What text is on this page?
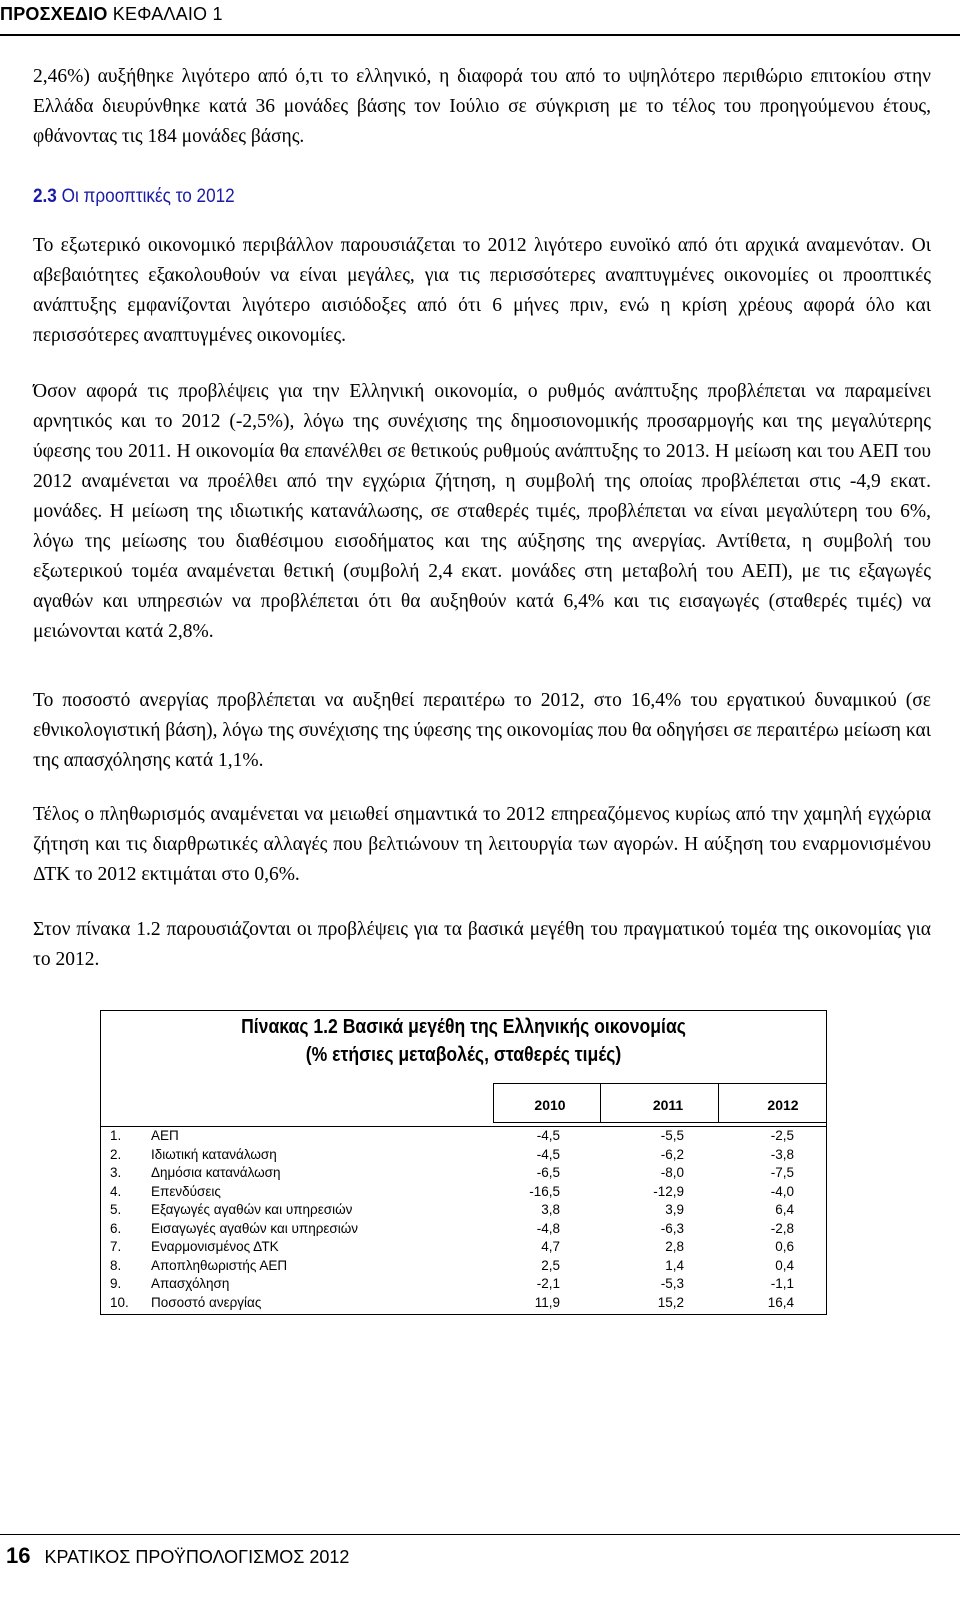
ΠΡΟΣΧΕΔΙΟ ΚΕΦΑΛΑΙΟ 1

2,46%) αυξήθηκε λιγότερο από ό,τι το ελληνικό, η διαφορά του από το υψηλότερο περιθώριο επιτοκίου στην Ελλάδα διευρύνθηκε κατά 36 μονάδες βάσης τον Ιούλιο σε σύγκριση με το τέλος του προηγούμενου έτους, φθάνοντας τις 184 μονάδες βάσης.

2.3 Οι προοπτικές το 2012

Το εξωτερικό οικονομικό περιβάλλον παρουσιάζεται το 2012 λιγότερο ευνοϊκό από ότι αρχικά αναμενόταν. Οι αβεβαιότητες εξακολουθούν να είναι μεγάλες, για τις περισσότερες αναπτυγμένες οικονομίες οι προοπτικές ανάπτυξης εμφανίζονται λιγότερο αισιόδοξες από ότι 6 μήνες πριν, ενώ η κρίση χρέους αφορά όλο και περισσότερες αναπτυγμένες οικονομίες.

Όσον αφορά τις προβλέψεις για την Ελληνική οικονομία, ο ρυθμός ανάπτυξης προβλέπεται να παραμείνει αρνητικός και το 2012 (-2,5%), λόγω της συνέχισης της δημοσιονομικής προσαρμογής και της μεγαλύτερης ύφεσης του 2011. Η οικονομία θα επανέλθει σε θετικούς ρυθμούς ανάπτυξης το 2013. Η μείωση και του ΑΕΠ του 2012 αναμένεται να προέλθει από την εγχώρια ζήτηση, η συμβολή της οποίας προβλέπεται στις -4,9 εκατ. μονάδες. Η μείωση της ιδιωτικής κατανάλωσης, σε σταθερές τιμές, προβλέπεται να είναι μεγαλύτερη του 6%, λόγω της μείωσης του διαθέσιμου εισοδήματος και της αύξησης της ανεργίας. Αντίθετα, η συμβολή του εξωτερικού τομέα αναμένεται θετική (συμβολή 2,4 εκατ. μονάδες στη μεταβολή του ΑΕΠ), με τις εξαγωγές αγαθών και υπηρεσιών να προβλέπεται ότι θα αυξηθούν κατά 6,4% και τις εισαγωγές (σταθερές τιμές) να μειώνονται κατά 2,8%.

Το ποσοστό ανεργίας προβλέπεται να αυξηθεί περαιτέρω το 2012, στο 16,4% του εργατικού δυναμικού (σε εθνικολογιστική βάση), λόγω της συνέχισης της ύφεσης της οικονομίας που θα οδηγήσει σε περαιτέρω μείωση και της απασχόλησης κατά 1,1%.

Τέλος ο πληθωρισμός αναμένεται να μειωθεί σημαντικά το 2012 επηρεαζόμενος κυρίως από την χαμηλή εγχώρια ζήτηση και τις διαρθρωτικές αλλαγές που βελτιώνουν τη λειτουργία των αγορών. Η αύξηση του εναρμονισμένου ΔΤΚ το 2012 εκτιμάται στο 0,6%.

Στον πίνακα 1.2 παρουσιάζονται οι προβλέψεις για τα βασικά μεγέθη του πραγματικού τομέα της οικονομίας για το 2012.

Πίνακας 1.2 Βασικά μεγέθη της Ελληνικής οικονομίας
(% ετήσιες μεταβολές, σταθερές τιμές)
2010	2011	2012
1. ΑΕΠ	-4,5	-5,5	-2,5
2. Ιδιωτική κατανάλωση	-4,5	-6,2	-3,8
3. Δημόσια κατανάλωση	-6,5	-8,0	-7,5
4. Επενδύσεις	-16,5	-12,9	-4,0
5. Εξαγωγές αγαθών και υπηρεσιών	3,8	3,9	6,4
6. Εισαγωγές αγαθών και υπηρεσιών	-4,8	-6,3	-2,8
7. Εναρμονισμένος ΔΤΚ	4,7	2,8	0,6
8. Αποπληθωριστής ΑΕΠ	2,5	1,4	0,4
9. Απασχόληση	-2,1	-5,3	-1,1
10. Ποσοστό ανεργίας	11,9	15,2	16,4
16 ΚΡΑΤΙΚΟΣ ΠΡΟΫΠΟΛΟΓΙΣΜΟΣ 2012
